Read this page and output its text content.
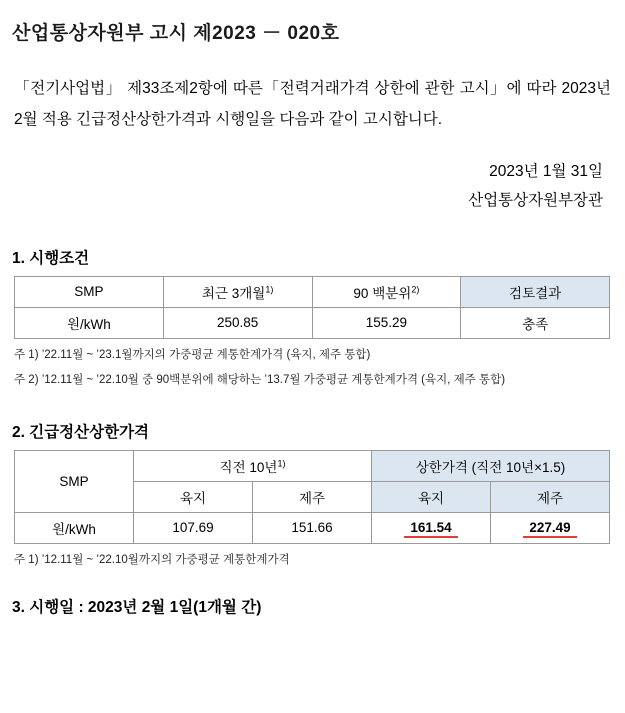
산업통상자원부 고시 제2023 － 020호
「전기사업법」 제33조제2항에 따른「전력거래가격 상한에 관한 고시」에 따라 2023년 2월 적용 긴급정산상한가격과 시행일을 다음과 같이 고시합니다.
2023년 1월 31일
산업통상자원부장관
1. 시행조건
SMP	최근 3개월$^{1)}$	90 백분위$^{2)}$	검토결과
원/kWh	250.85	155.29	충족
주 1) ’22.11월 ~ ’23.1월까지의 가중평균 계통한계가격 (육지, 제주 통합)
주 2) ’12.11월 ~ ’22.10월 중 90백분위에 해당하는 ’13.7월 가중평균 계통한계가격 (육지, 제주 통합)
2. 긴급정산상한가격
SMP	직전 10년$^{1)}$		상한가격 (직전 10년×1.5)	
	육지	제주	육지	제주
원/kWh	107.69	151.66	161.54	227.49
주 1) ’12.11월 ~ ’22.10월까지의 가중평균 계통한계가격
3. 시행일 : 2023년 2월 1일(1개월 간)
